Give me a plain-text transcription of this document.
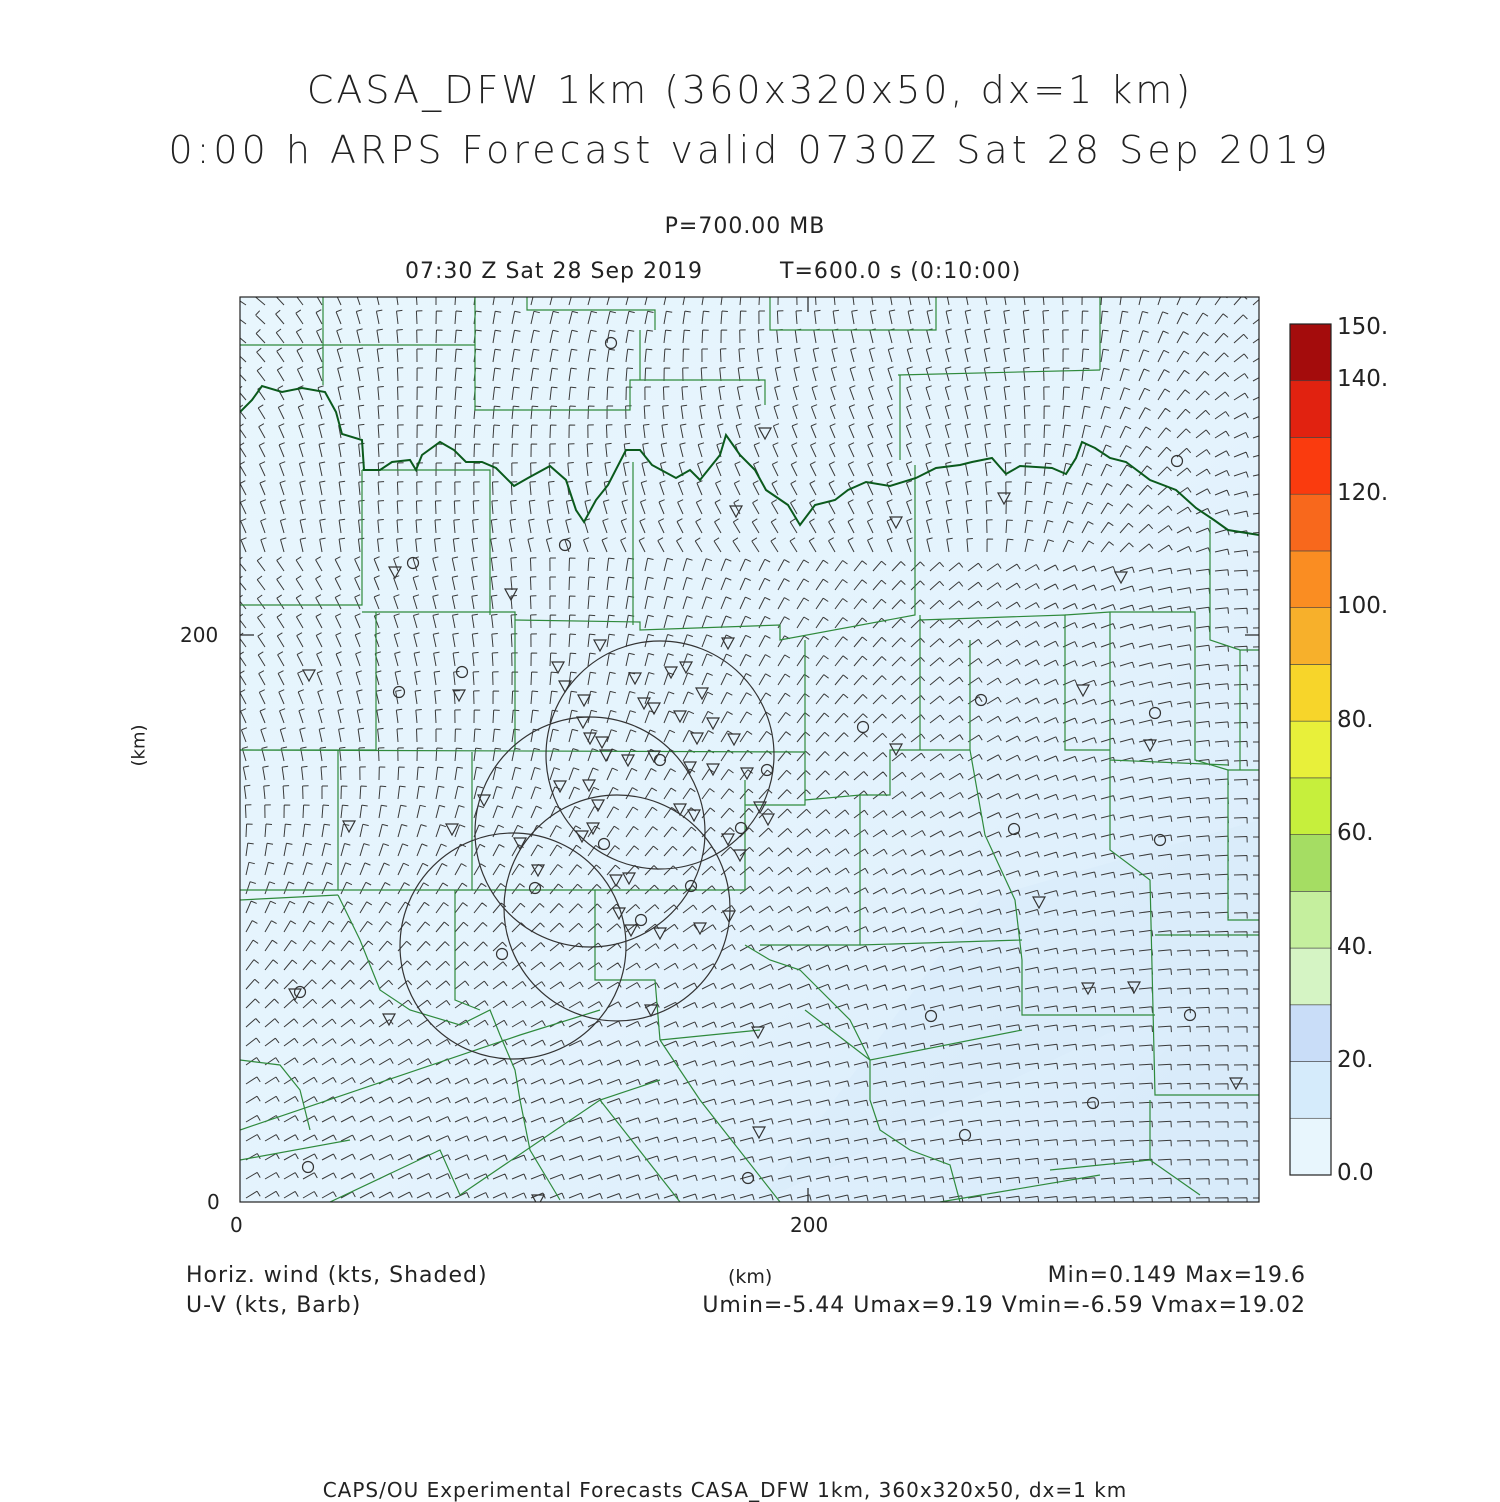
CASA_DFW 1km (360x320x50, dx=1 km)
0:00 h ARPS Forecast valid 0730Z Sat 28 Sep 2019
P=700.00 MB
07:30 Z Sat 28 Sep 2019	T=600.0 s (0:10:00)
0
200
0	200
(km)
0.0
20.
40.
60.
80.
100.
120.
140.
150.
Horiz. wind (kts, Shaded)
U-V (kts, Barb)
(km)	Min=0.149 Max=19.6
Umin=-5.44 Umax=9.19 Vmin=-6.59 Vmax=19.02
CAPS/OU Experimental Forecasts CASA_DFW 1km, 360x320x50, dx=1 km
